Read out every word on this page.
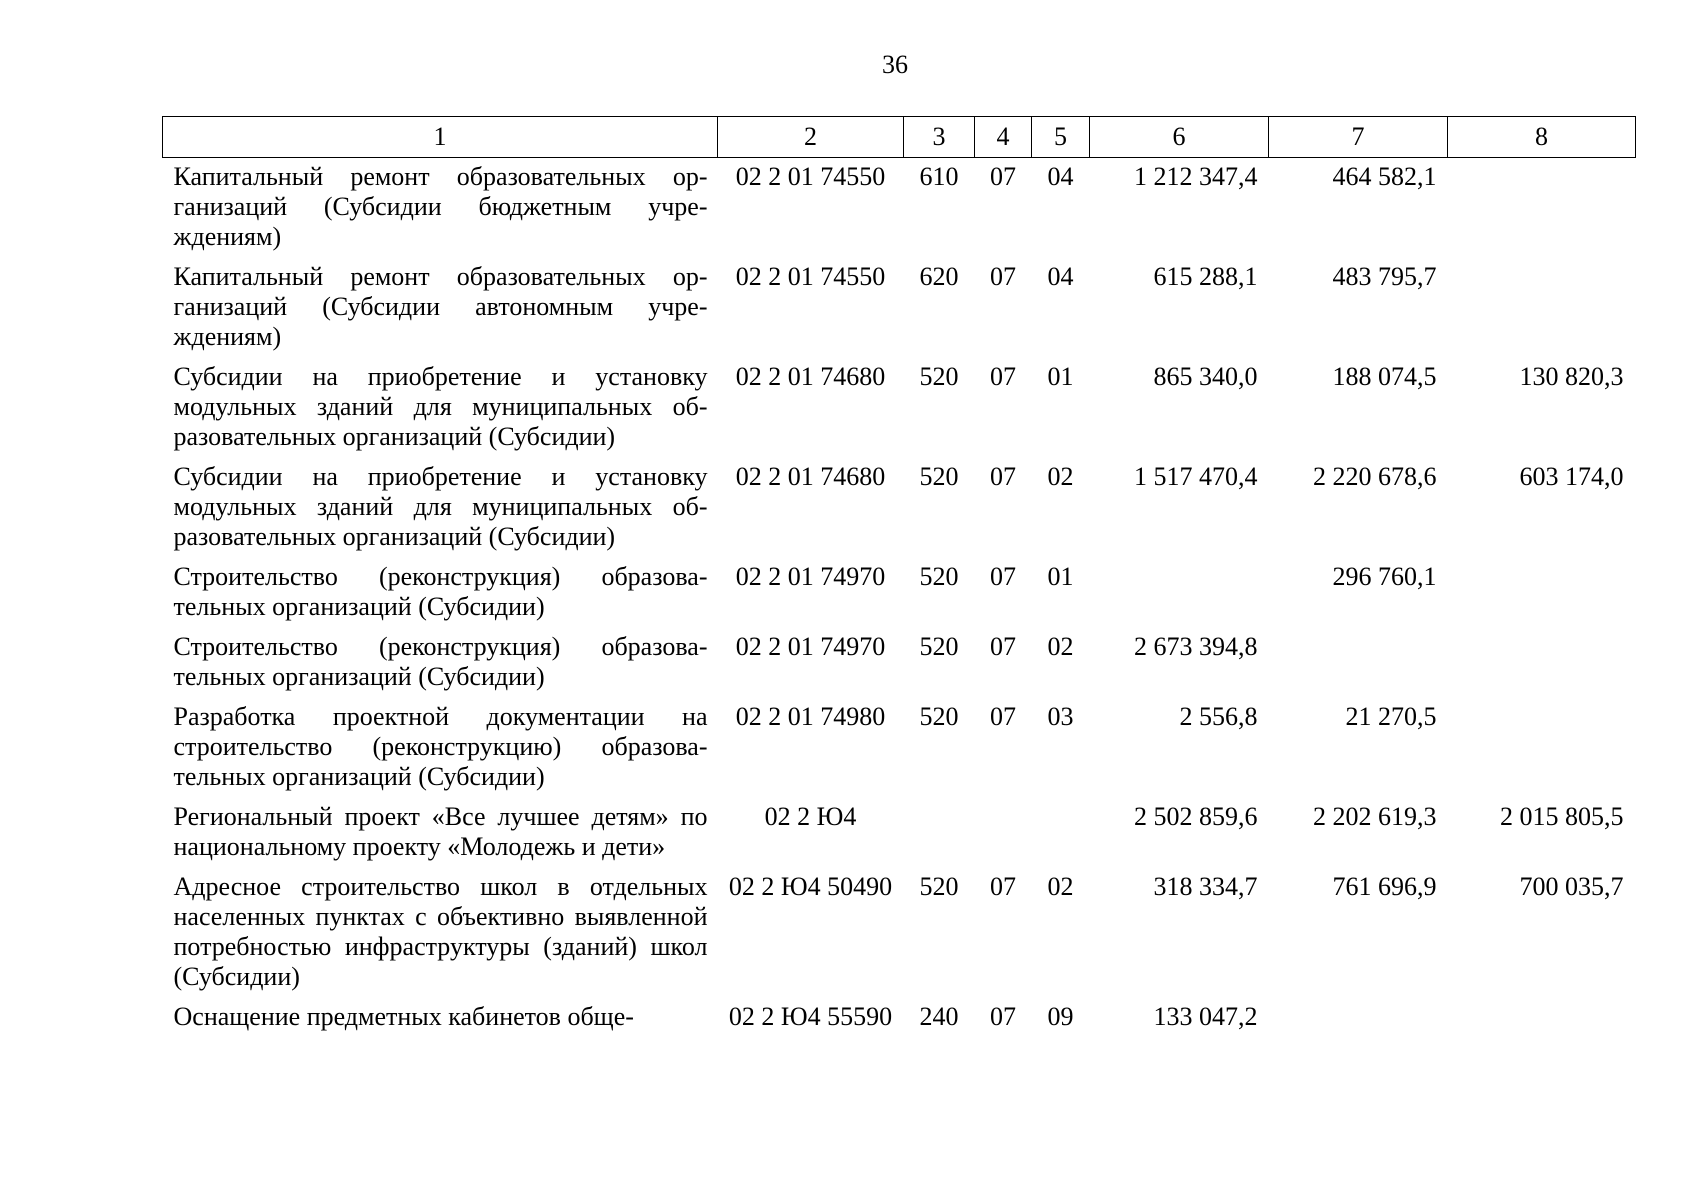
36
1	2	3	4	5	6	7	8
Капитальный ремонт образовательных организаций (Субсидии бюджетным учреждениям)	02 2 01 74550	610	07	04	1 212 347,4	464 582,1	
Капитальный ремонт образовательных организаций (Субсидии автономным учреждениям)	02 2 01 74550	620	07	04	615 288,1	483 795,7	
Субсидии на приобретение и установку модульных зданий для муниципальных образовательных организаций (Субсидии)	02 2 01 74680	520	07	01	865 340,0	188 074,5	130 820,3
Субсидии на приобретение и установку модульных зданий для муниципальных образовательных организаций (Субсидии)	02 2 01 74680	520	07	02	1 517 470,4	2 220 678,6	603 174,0
Строительство (реконструкция) образовательных организаций (Субсидии)	02 2 01 74970	520	07	01		296 760,1	
Строительство (реконструкция) образовательных организаций (Субсидии)	02 2 01 74970	520	07	02	2 673 394,8		
Разработка проектной документации на строительство (реконструкцию) образовательных организаций (Субсидии)	02 2 01 74980	520	07	03	2 556,8	21 270,5	
Региональный проект «Все лучшее детям» по национальному проекту «Молодежь и дети»	02 2 Ю4				2 502 859,6	2 202 619,3	2 015 805,5
Адресное строительство школ в отдельных населенных пунктах с объективно выявленной потребностью инфраструктуры (зданий) школ (Субсидии)	02 2 Ю4 50490	520	07	02	318 334,7	761 696,9	700 035,7
Оснащение предметных кабинетов обще-	02 2 Ю4 55590	240	07	09	133 047,2		
